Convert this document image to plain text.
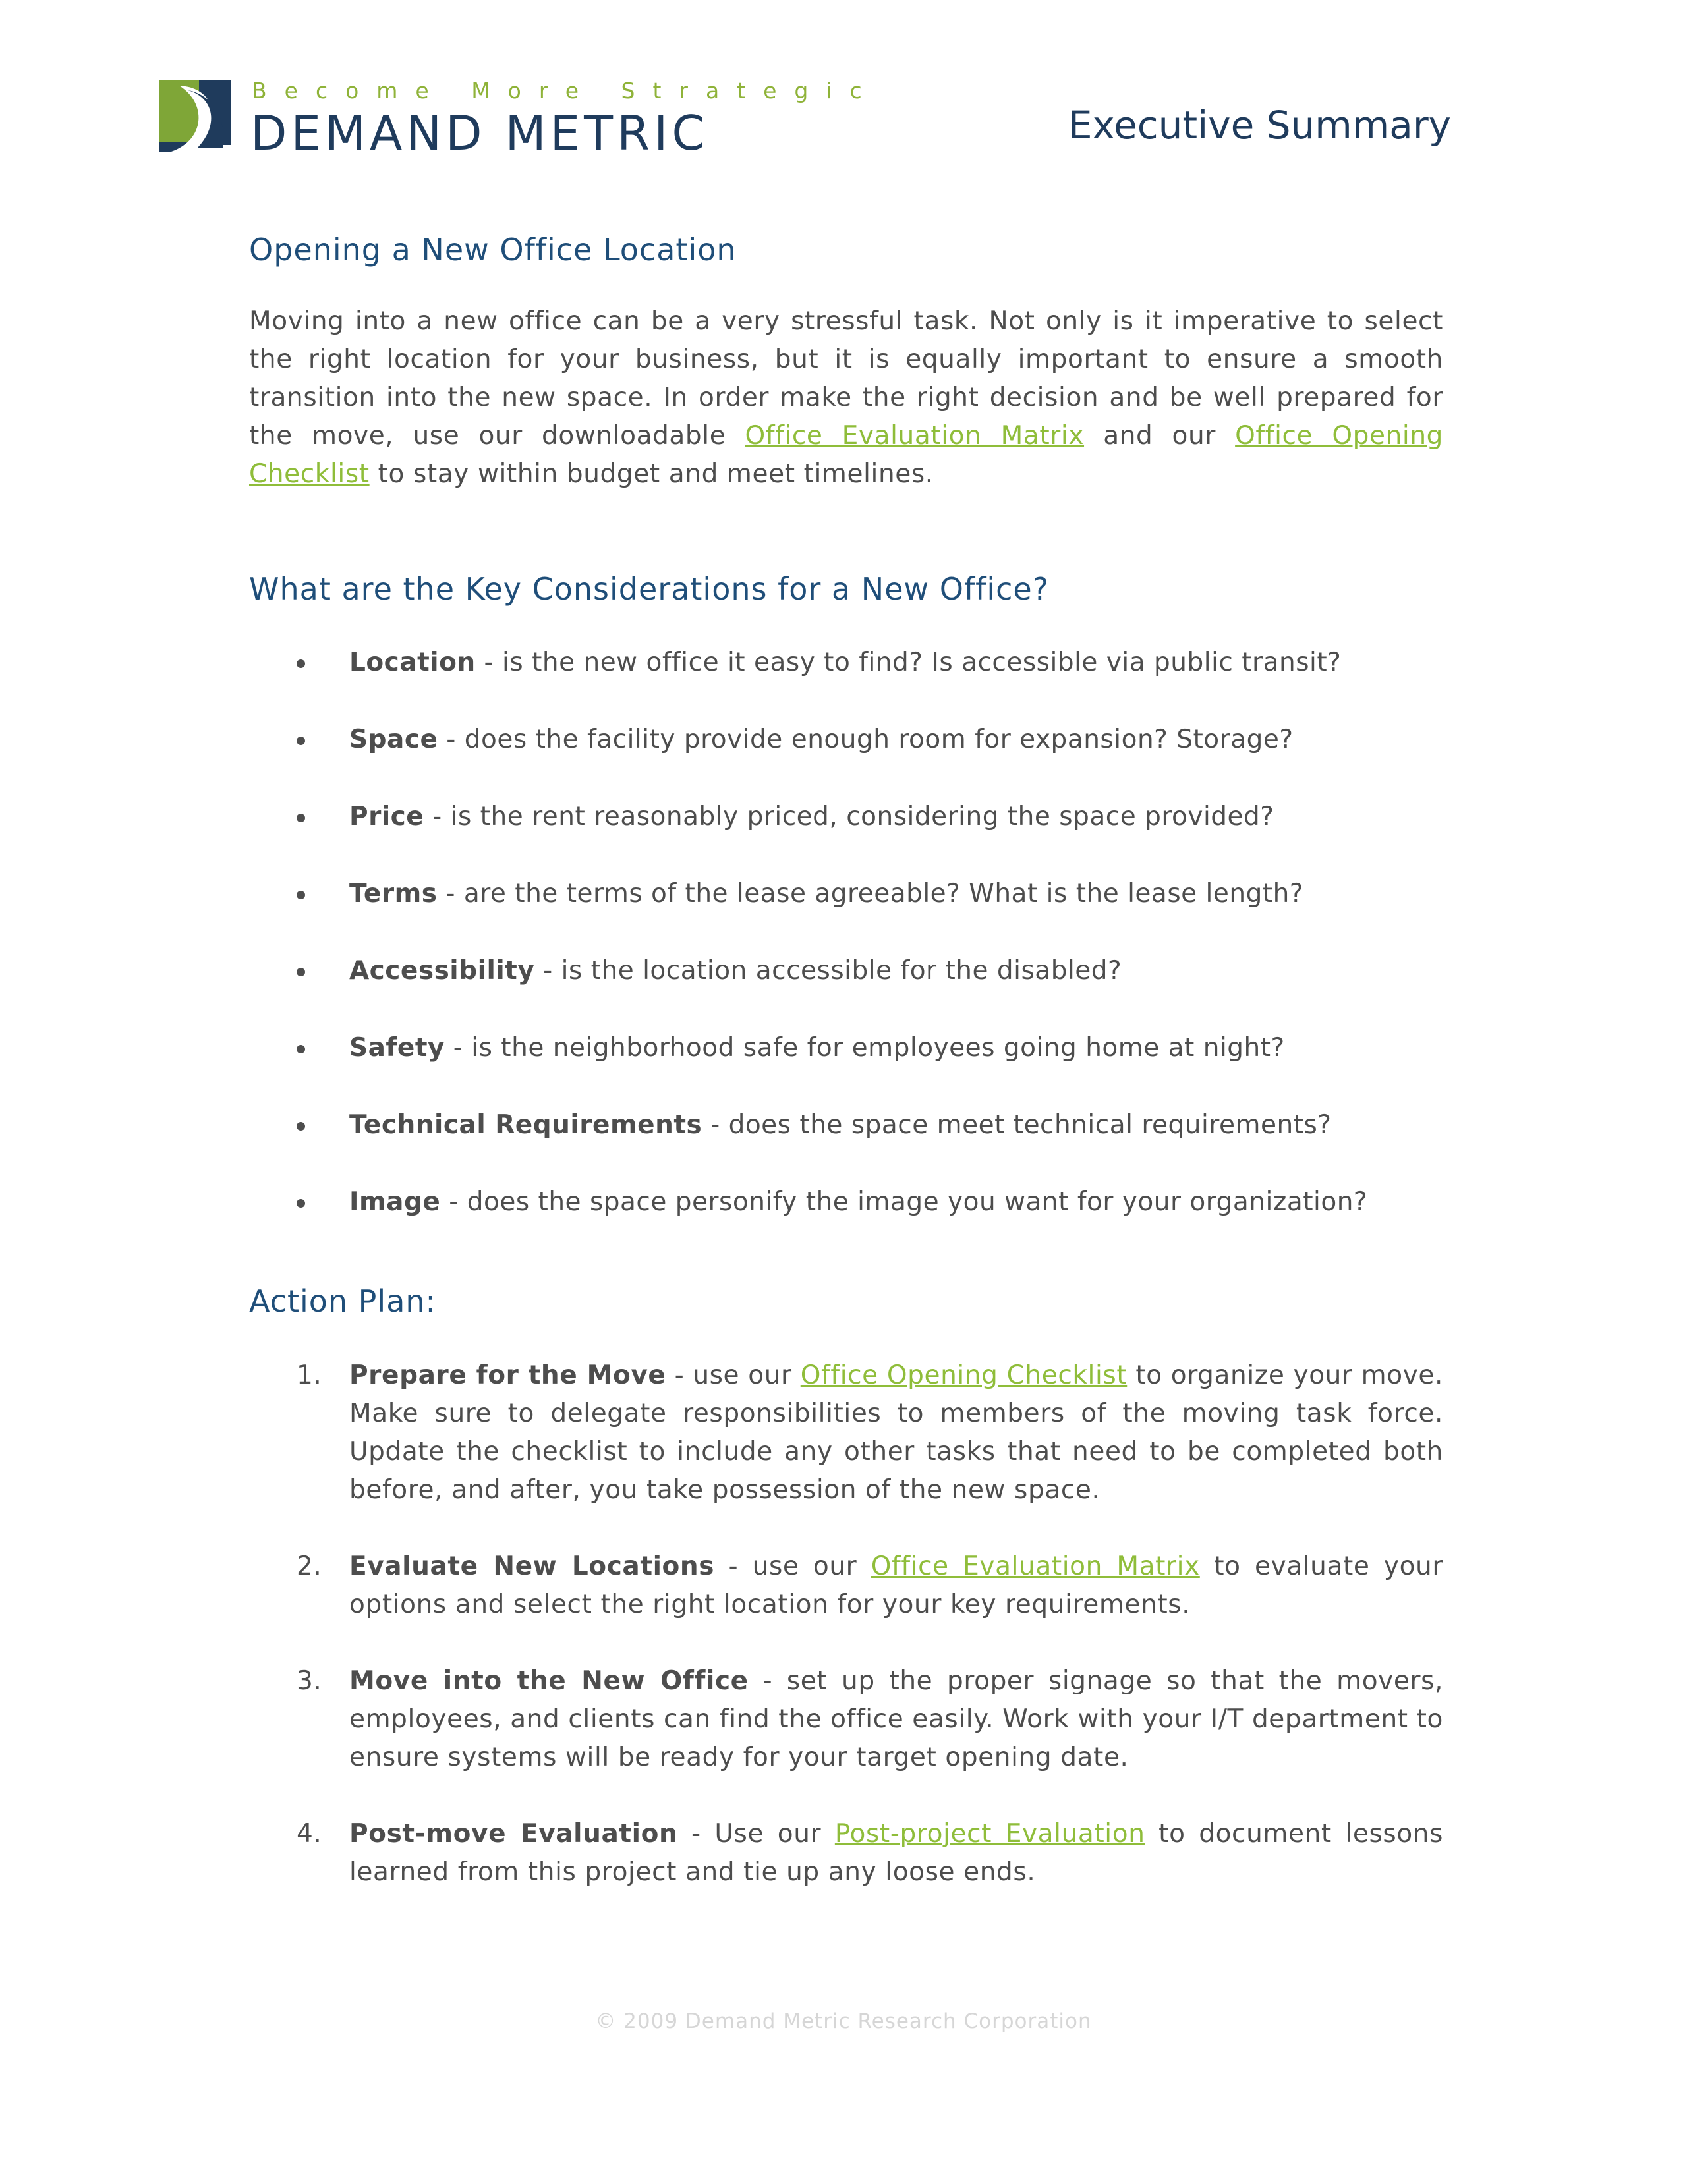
Become More Strategic
DEMAND METRIC	Executive Summary
Opening a New Office Location

Moving into a new office can be a very stressful task. Not only is it imperative to select the right location for your business, but it is equally important to ensure a smooth transition into the new space. In order make the right decision and be well prepared for the move, use our downloadable Office Evaluation Matrix and our Office Opening Checklist to stay within budget and meet timelines.

What are the Key Considerations for a New Office?
Location - is the new office it easy to find? Is accessible via public transit?
Space - does the facility provide enough room for expansion? Storage?
Price - is the rent reasonably priced, considering the space provided?
Terms - are the terms of the lease agreeable? What is the lease length?
Accessibility - is the location accessible for the disabled?
Safety - is the neighborhood safe for employees going home at night?
Technical Requirements - does the space meet technical requirements?
Image - does the space personify the image you want for your organization?
Action Plan:
1. Prepare for the Move - use our Office Opening Checklist to organize your move. Make sure to delegate responsibilities to members of the moving task force. Update the checklist to include any other tasks that need to be completed both before, and after, you take possession of the new space.
2. Evaluate New Locations - use our Office Evaluation Matrix to evaluate your options and select the right location for your key requirements.
3. Move into the New Office - set up the proper signage so that the movers, employees, and clients can find the office easily. Work with your I/T department to ensure systems will be ready for your target opening date.
4. Post-move Evaluation - Use our Post-project Evaluation to document lessons learned from this project and tie up any loose ends.
© 2009 Demand Metric Research Corporation
